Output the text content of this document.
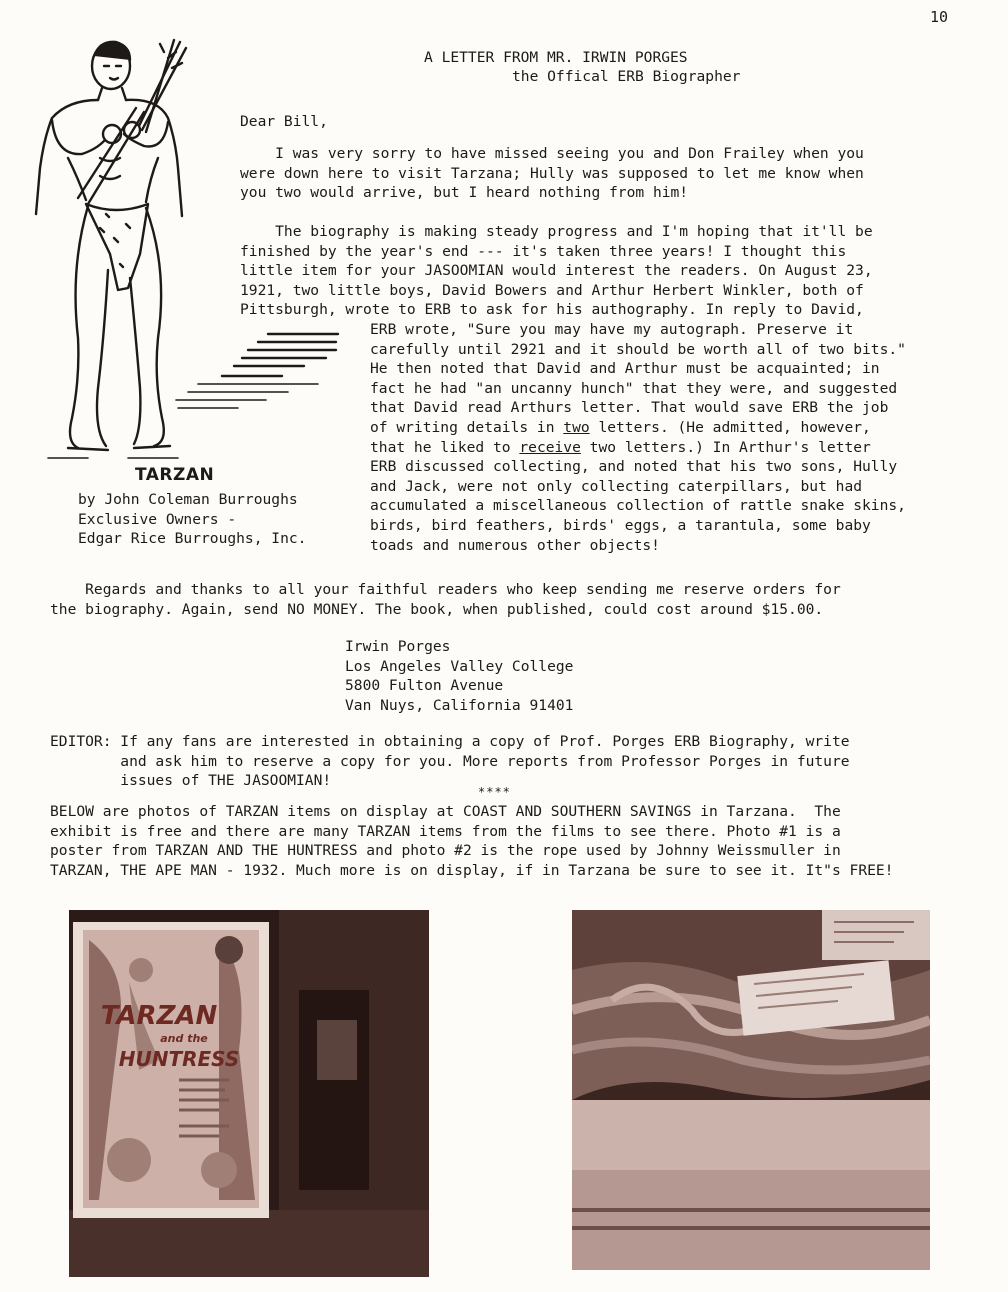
10
A LETTER FROM MR. IRWIN PORGES
the Offical ERB Biographer
TARZAN
by John Coleman Burroughs
Exclusive Owners -
Edgar Rice Burroughs, Inc.
Dear Bill,
I was very sorry to have missed seeing you and Don Frailey when you
were down here to visit Tarzana; Hully was supposed to let me know when
you two would arrive, but I heard nothing from him!
The biography is making steady progress and I'm hoping that it'll be
finished by the year's end --- it's taken three years! I thought this
little item for your JASOOMIAN would interest the readers. On August 23,
1921, two little boys, David Bowers and Arthur Herbert Winkler, both of
Pittsburgh, wrote to ERB to ask for his authography. In reply to David,
ERB wrote, "Sure you may have my autograph. Preserve it
carefully until 2921 and it should be worth all of two bits."
He then noted that David and Arthur must be acquainted; in
fact he had "an uncanny hunch" that they were, and suggested
that David read Arthurs letter. That would save ERB the job
of writing details in two letters. (He admitted, however,
that he liked to receive two letters.) In Arthur's letter
ERB discussed collecting, and noted that his two sons, Hully
and Jack, were not only collecting caterpillars, but had
accumulated a miscellaneous collection of rattle snake skins,
birds, bird feathers, birds' eggs, a tarantula, some baby
toads and numerous other objects!
Regards and thanks to all your faithful readers who keep sending me reserve orders for
the biography. Again, send NO MONEY. The book, when published, could cost around $15.00.
Irwin Porges
Los Angeles Valley College
5800 Fulton Avenue
Van Nuys, California 91401
EDITOR: If any fans are interested in obtaining a copy of Prof. Porges ERB Biography, write
and ask him to reserve a copy for you. More reports from Professor Porges in future
issues of THE JASOOMIAN!
****
BELOW are photos of TARZAN items on display at COAST AND SOUTHERN SAVINGS in Tarzana.  The
exhibit is free and there are many TARZAN items from the films to see there. Photo #1 is a
poster from TARZAN AND THE HUNTRESS and photo #2 is the rope used by Johnny Weissmuller in
TARZAN, THE APE MAN - 1932. Much more is on display, if in Tarzana be sure to see it. It"s FREE!
TARZAN
and the
HUNTRESS
